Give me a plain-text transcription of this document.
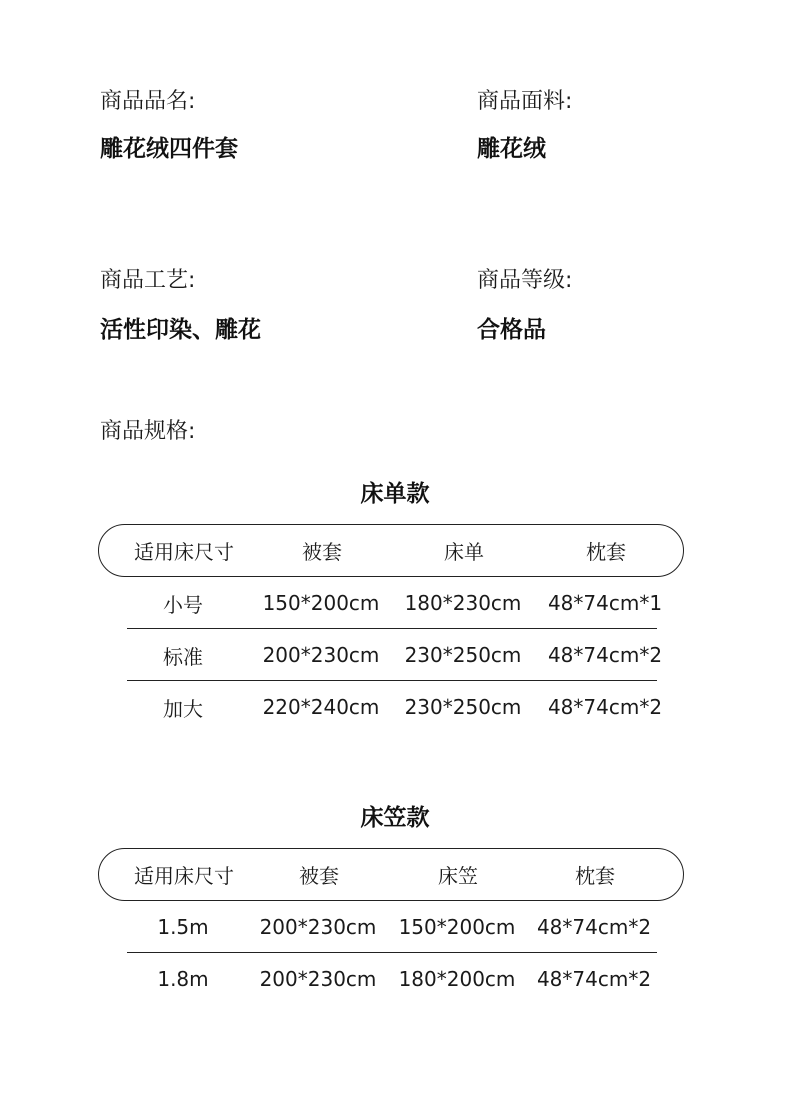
商品品名:
雕花绒四件套
商品面料:
雕花绒
商品工艺:
活性印染、雕花
商品等级:
合格品
商品规格:
床单款
适用床尺寸	被套	床单	枕套
小号	150*200cm	180*230cm	48*74cm*1
标准	200*230cm	230*250cm	48*74cm*2
加大	220*240cm	230*250cm	48*74cm*2
床笠款
适用床尺寸	被套	床笠	枕套
1.5m	200*230cm	150*200cm	48*74cm*2
1.8m	200*230cm	180*200cm	48*74cm*2
